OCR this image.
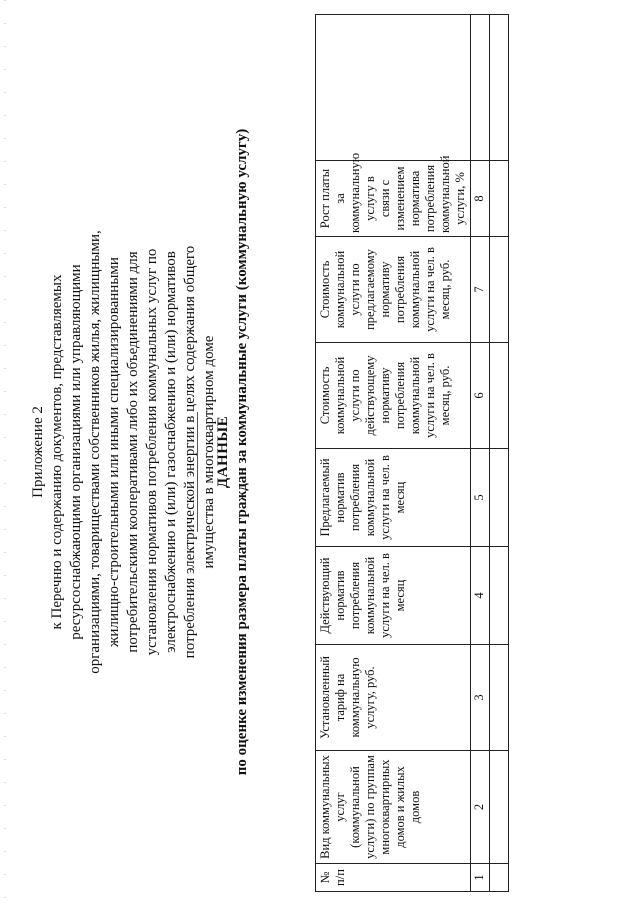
Приложение 2 к Перечню и содержанию документов, представляемых ресурсоснабжающими организациями или управляющими организациями, товариществами собственников жилья, жилищными, жилищно-строительными или иными специализированными потребительскими кооперативами либо их объединениями для установления нормативов потребления коммунальных услуг по электроснабжению и (или) газоснабжению и (или) нормативов потребления электрической энергии в целях содержания общего имущества в многоквартирном доме
ДАННЫЕ по оценке изменения размера платы граждан за коммунальные услуги (коммунальную услугу)
№ п/п	Вид коммунальных услуг (коммунальной услуги) по группам многоквартирных домов и жилых домов	Установленный тариф на коммунальную услугу, руб.	Действующий норматив потребления коммунальной услуги на чел. в месяц	Предлагаемый норматив потребления коммунальной услуги на чел. в месяц	Стоимость коммунальной услуги по действующему нормативу потребления коммунальной услуги на чел. в месяц, руб.	Стоимость коммунальной услуги по предлагаемому нормативу потребления коммунальной услуги на чел. в месяц, руб.	Рост платы за коммунальную услугу в связи с изменением норматива потребления коммунальной услуги, %	
1	2	3	4	5	6	7	8	
